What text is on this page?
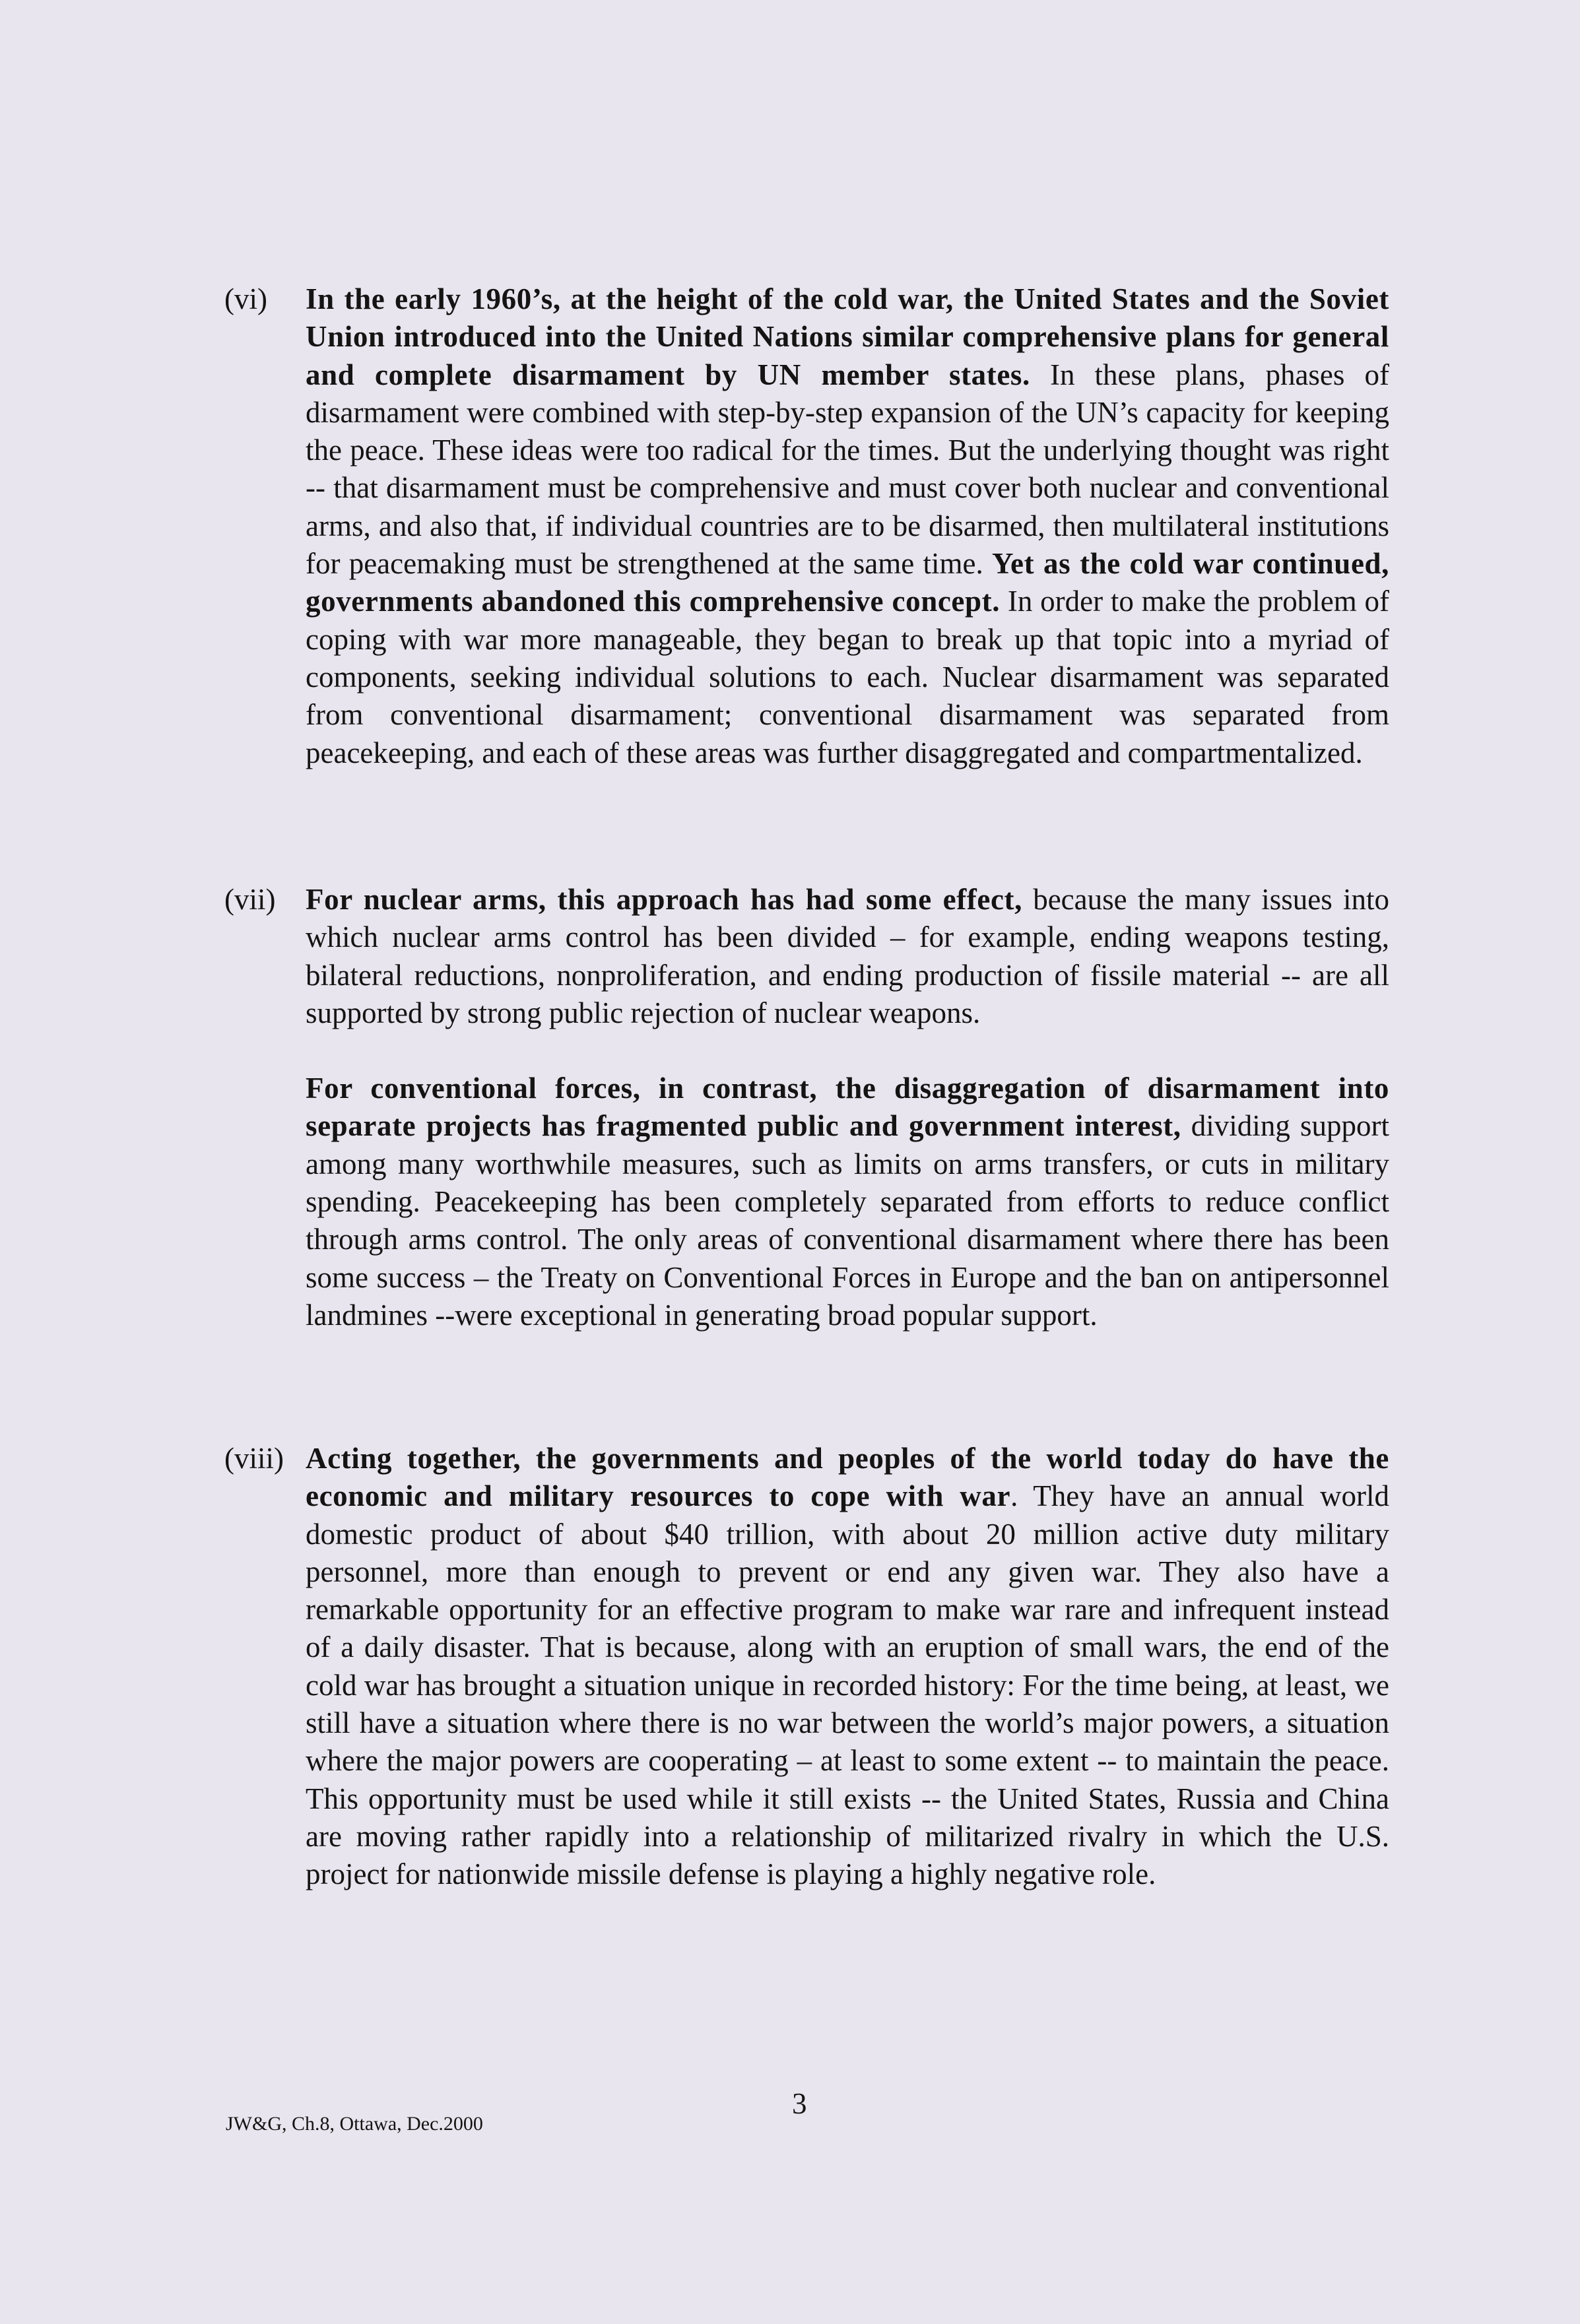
(vi)	In the early 1960’s, at the height of the cold war, the United States and the Soviet Union introduced into the United Nations similar comprehensive plans for general and complete disarmament by UN member states. In these plans, phases of disarmament were combined with step-by-step expansion of the UN’s capacity for keeping the peace. These ideas were too radical for the times. But the underlying thought was right -- that disarmament must be comprehensive and must cover both nuclear and conventional arms, and also that, if individual countries are to be disarmed, then multilateral institutions for peacemaking must be strengthened at the same time. Yet as the cold war continued, governments abandoned this comprehensive concept. In order to make the problem of coping with war more manageable, they began to break up that topic into a myriad of components, seeking individual solutions to each. Nuclear disarmament was separated from conventional disarmament; conventional disarmament was separated from peacekeeping, and each of these areas was further disaggregated and compartmentalized.
(vii)	For nuclear arms, this approach has had some effect, because the many issues into which nuclear arms control has been divided – for example, ending weapons testing, bilateral reductions, nonproliferation, and ending production of fissile material -- are all supported by strong public rejection of nuclear weapons.
For conventional forces, in contrast, the disaggregation of disarmament into separate projects has fragmented public and government interest, dividing support among many worthwhile measures, such as limits on arms transfers, or cuts in military spending. Peacekeeping has been completely separated from efforts to reduce conflict through arms control. The only areas of conventional disarmament where there has been some success – the Treaty on Conventional Forces in Europe and the ban on antipersonnel landmines --were exceptional in generating broad popular support.
(viii) Acting together, the governments and peoples of the world today do have the economic and military resources to cope with war. They have an annual world domestic product of about $40 trillion, with about 20 million active duty military personnel, more than enough to prevent or end any given war. They also have a remarkable opportunity for an effective program to make war rare and infrequent instead of a daily disaster. That is because, along with an eruption of small wars, the end of the cold war has brought a situation unique in recorded history: For the time being, at least, we still have a situation where there is no war between the world’s major powers, a situation where the major powers are cooperating – at least to some extent -- to maintain the peace. This opportunity must be used while it still exists -- the United States, Russia and China are moving rather rapidly into a relationship of militarized rivalry in which the U.S. project for nationwide missile defense is playing a highly negative role.
3
JW&G, Ch.8, Ottawa, Dec.2000
